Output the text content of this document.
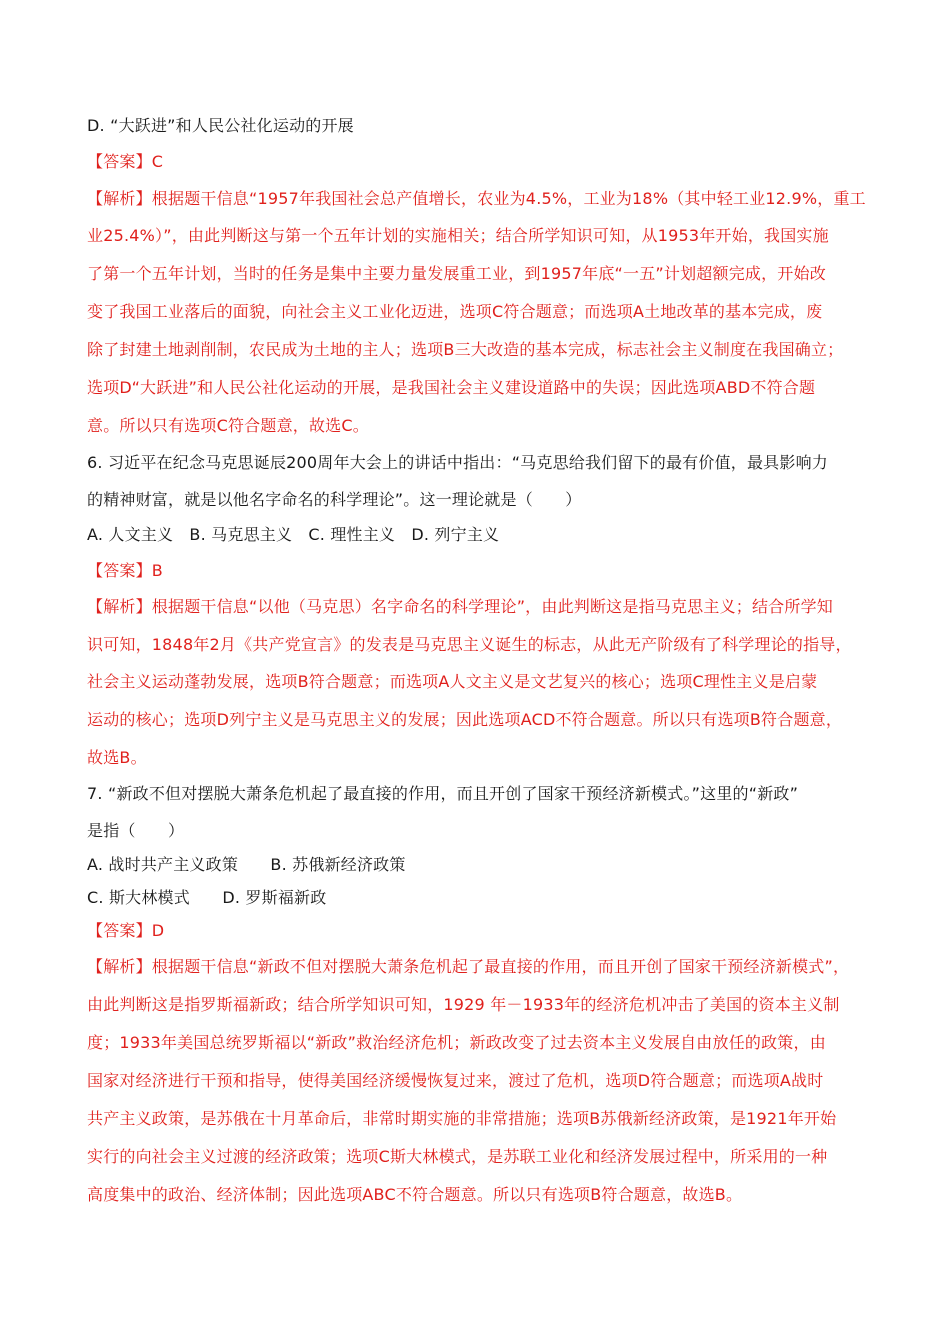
D. “大跃进”和人民公社化运动的开展
【答案】C
【解析】根据题干信息“1957年我国社会总产值增长，农业为4.5%，工业为18%（其中轻工业12.9%，重工
业25.4%）”，由此判断这与第一个五年计划的实施相关；结合所学知识可知，从1953年开始，我国实施
了第一个五年计划，当时的任务是集中主要力量发展重工业，到1957年底“一五”计划超额完成，开始改
变了我国工业落后的面貌，向社会主义工业化迈进，选项C符合题意；而选项A土地改革的基本完成，废
除了封建土地剥削制，农民成为土地的主人；选项B三大改造的基本完成，标志社会主义制度在我国确立；
选项D“大跃进”和人民公社化运动的开展，是我国社会主义建设道路中的失误；因此选项ABD不符合题
意。所以只有选项C符合题意，故选C。
6. 习近平在纪念马克思诞辰200周年大会上的讲话中指出：“马克思给我们留下的最有价值，最具影响力
的精神财富，就是以他名字命名的科学理论”。这一理论就是（　　）
A. 人文主义　B. 马克思主义　C. 理性主义　D. 列宁主义
【答案】B
【解析】根据题干信息“以他（马克思）名字命名的科学理论”，由此判断这是指马克思主义；结合所学知
识可知，1848年2月《共产党宣言》的发表是马克思主义诞生的标志，从此无产阶级有了科学理论的指导，
社会主义运动蓬勃发展，选项B符合题意；而选项A人文主义是文艺复兴的核心；选项C理性主义是启蒙
运动的核心；选项D列宁主义是马克思主义的发展；因此选项ACD不符合题意。所以只有选项B符合题意，
故选B。
7. “新政不但对摆脱大萧条危机起了最直接的作用，而且开创了国家干预经济新模式。”这里的“新政”
是指（　　）
A. 战时共产主义政策　　B. 苏俄新经济政策
C. 斯大林模式　　D. 罗斯福新政
【答案】D
【解析】根据题干信息“新政不但对摆脱大萧条危机起了最直接的作用，而且开创了国家干预经济新模式”，
由此判断这是指罗斯福新政；结合所学知识可知，1929 年－1933年的经济危机冲击了美国的资本主义制
度；1933年美国总统罗斯福以“新政”救治经济危机；新政改变了过去资本主义发展自由放任的政策，由
国家对经济进行干预和指导，使得美国经济缓慢恢复过来，渡过了危机，选项D符合题意；而选项A战时
共产主义政策，是苏俄在十月革命后，非常时期实施的非常措施；选项B苏俄新经济政策，是1921年开始
实行的向社会主义过渡的经济政策；选项C斯大林模式，是苏联工业化和经济发展过程中，所采用的一种
高度集中的政治、经济体制；因此选项ABC不符合题意。所以只有选项B符合题意，故选B。
